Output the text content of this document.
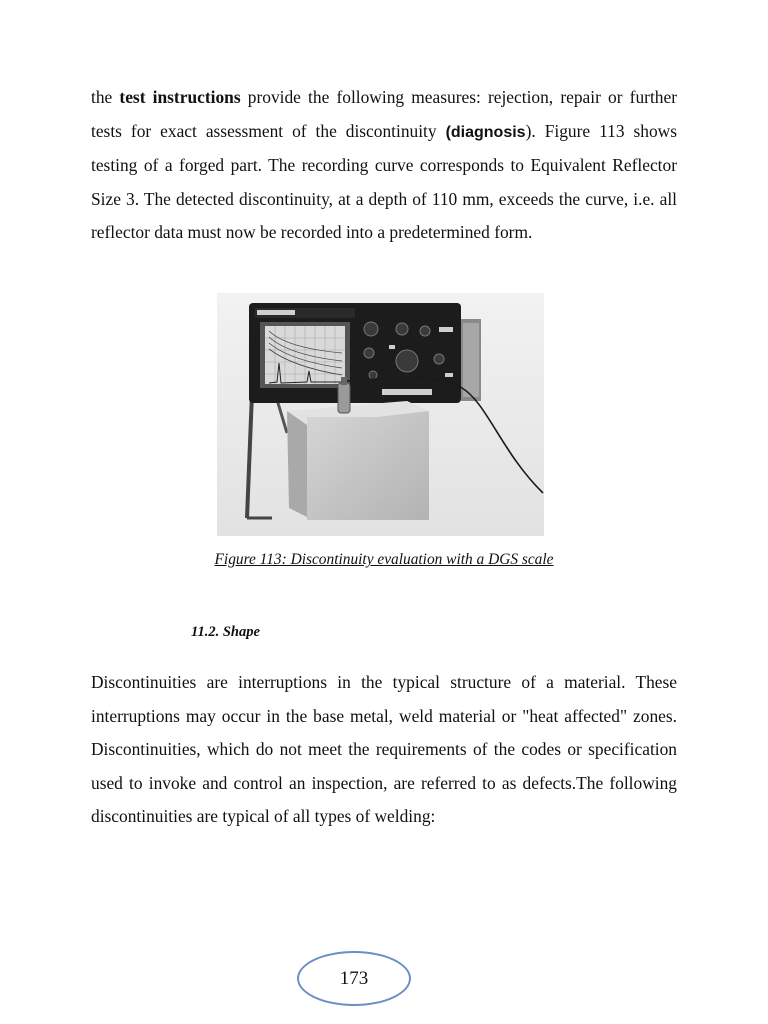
the test instructions provide the following measures: rejection, repair or further tests for exact assessment of the discontinuity (diagnosis). Figure 113 shows testing of a forged part. The recording curve corresponds to Equivalent Reflector Size 3. The detected discontinuity, at a depth of 110 mm, exceeds the curve, i.e. all reflector data must now be recorded into a predetermined form.

Figure 113: Discontinuity evaluation with a DGS scale
11.2. Shape

Discontinuities are interruptions in the typical structure of a material. These interruptions may occur in the base metal, weld material or "heat affected" zones. Discontinuities, which do not meet the requirements of the codes or specification used to invoke and control an inspection, are referred to as defects.The following discontinuities are typical of all types of welding:

173
